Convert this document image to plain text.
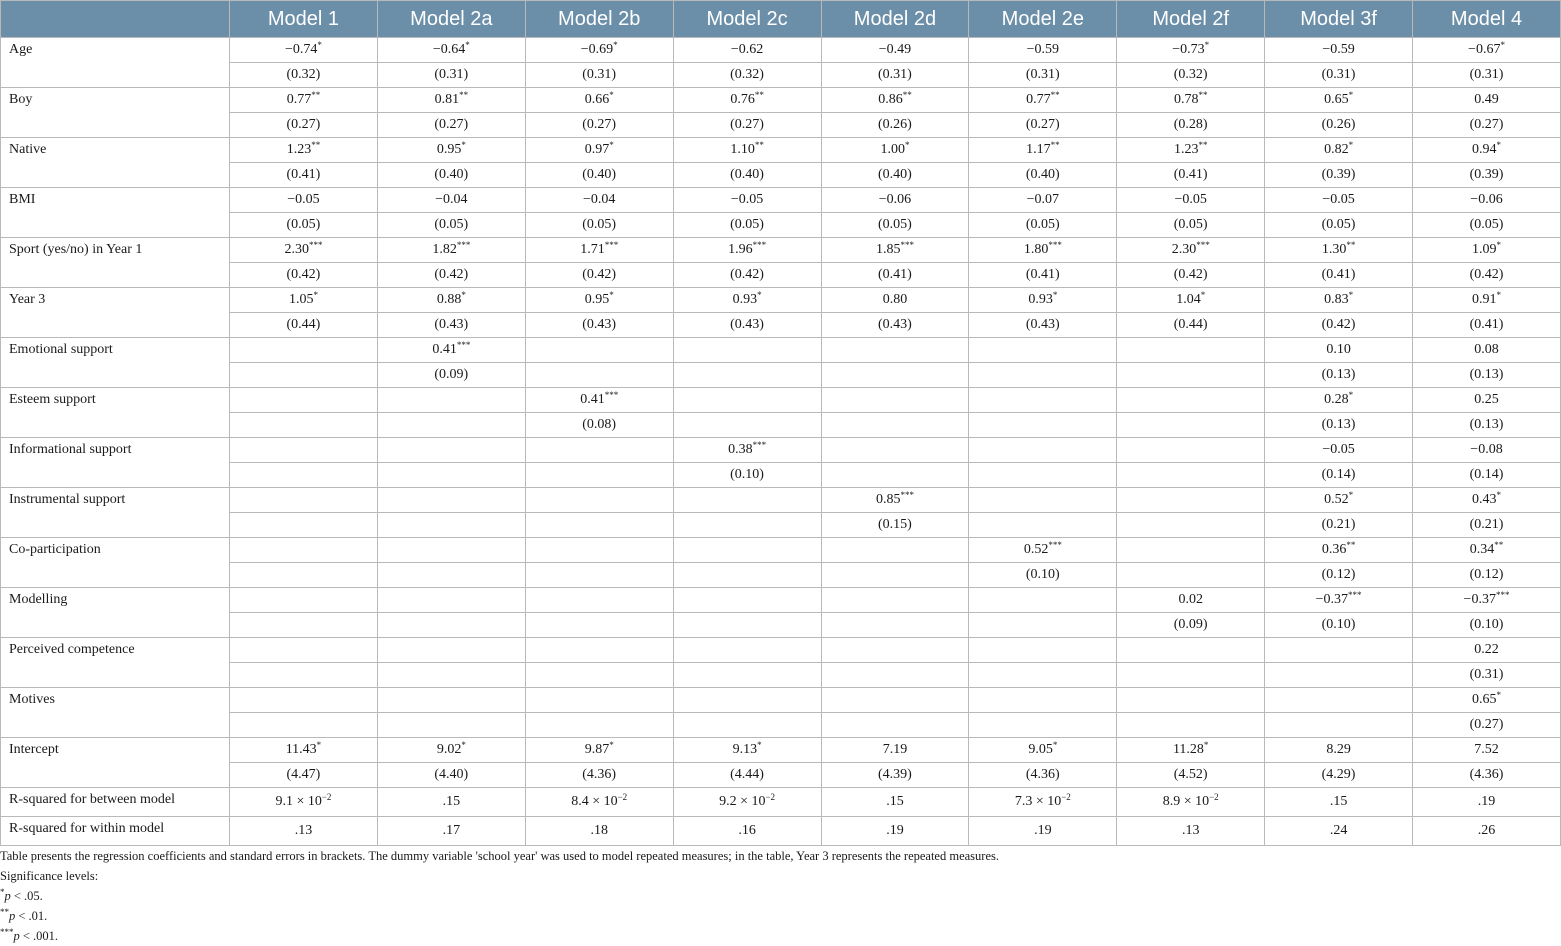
	Model 1	Model 2a	Model 2b	Model 2c	Model 2d	Model 2e	Model 2f	Model 3f	Model 4
Age	−0.74*	−0.64*	−0.69*	−0.62	−0.49	−0.59	−0.73*	−0.59	−0.67*
	(0.32)	(0.31)	(0.31)	(0.32)	(0.31)	(0.31)	(0.32)	(0.31)	(0.31)
Boy	0.77**	0.81**	0.66*	0.76**	0.86**	0.77**	0.78**	0.65*	0.49
	(0.27)	(0.27)	(0.27)	(0.27)	(0.26)	(0.27)	(0.28)	(0.26)	(0.27)
Native	1.23**	0.95*	0.97*	1.10**	1.00*	1.17**	1.23**	0.82*	0.94*
	(0.41)	(0.40)	(0.40)	(0.40)	(0.40)	(0.40)	(0.41)	(0.39)	(0.39)
BMI	−0.05	−0.04	−0.04	−0.05	−0.06	−0.07	−0.05	−0.05	−0.06
	(0.05)	(0.05)	(0.05)	(0.05)	(0.05)	(0.05)	(0.05)	(0.05)	(0.05)
Sport (yes/no) in Year 1	2.30***	1.82***	1.71***	1.96***	1.85***	1.80***	2.30***	1.30**	1.09*
	(0.42)	(0.42)	(0.42)	(0.42)	(0.41)	(0.41)	(0.42)	(0.41)	(0.42)
Year 3	1.05*	0.88*	0.95*	0.93*	0.80	0.93*	1.04*	0.83*	0.91*
	(0.44)	(0.43)	(0.43)	(0.43)	(0.43)	(0.43)	(0.44)	(0.42)	(0.41)
Emotional support		0.41***						0.10	0.08
		(0.09)						(0.13)	(0.13)
Esteem support			0.41***					0.28*	0.25
			(0.08)					(0.13)	(0.13)
Informational support				0.38***				−0.05	−0.08
				(0.10)				(0.14)	(0.14)
Instrumental support					0.85***			0.52*	0.43*
					(0.15)			(0.21)	(0.21)
Co-participation						0.52***		0.36**	0.34**
						(0.10)		(0.12)	(0.12)
Modelling							0.02	−0.37***	−0.37***
							(0.09)	(0.10)	(0.10)
Perceived competence									0.22
									(0.31)
Motives									0.65*
									(0.27)
Intercept	11.43*	9.02*	9.87*	9.13*	7.19	9.05*	11.28*	8.29	7.52
	(4.47)	(4.40)	(4.36)	(4.44)	(4.39)	(4.36)	(4.52)	(4.29)	(4.36)
R-squared for between model	$9.1 \times 10^{-2}$	.15	$8.4 \times 10^{-2}$	$9.2 \times 10^{-2}$	.15	$7.3 \times 10^{-2}$	$8.9 \times 10^{-2}$	.15	.19
R-squared for within model	.13	.17	.18	.16	.19	.19	.13	.24	.26
Table presents the regression coefficients and standard errors in brackets. The dummy variable 'school year' was used to model repeated measures; in the table, Year 3 represents the repeated measures.
Significance levels:
*p < .05.
**p < .01.
***p < .001.
